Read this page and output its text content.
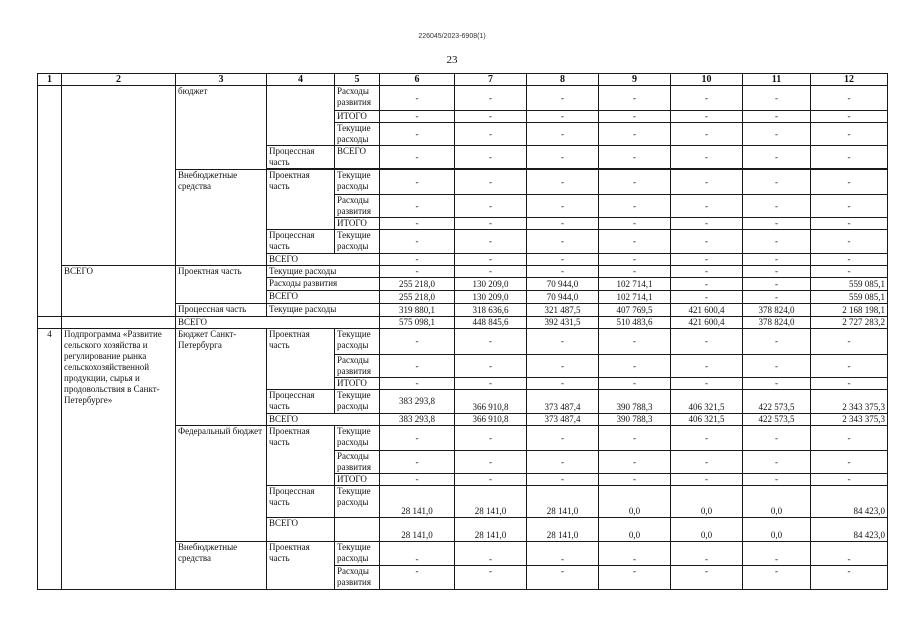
226045/2023-6908(1)
23
1	2	3	4	5	6	7	8	9	10	11	12
		бюджет		Расходы развития	-	-	-	-	-	-	-
				ИТОГО	-	-	-	-	-	-	-
				Текущие расходы	-	-	-	-	-	-	-
			Процессная часть	ВСЕГО	-	-	-	-	-	-	-

		Внебюджетные средства	Проектная часть	Текущие расходы	-	-	-	-	-	-	-
				Расходы развития	-	-	-	-	-	-	-
				ИТОГО	-	-	-	-	-	-	-
			Процессная часть	Текущие расходы	-	-	-	-	-	-	-
			ВСЕГО		-	-	-	-	-	-	-
	ВСЕГО	Проектная часть	Текущие расходы		-	-	-	-	-	-	-
			Расходы развития		255 218,0	130 209,0	70 944,0	102 714,1	-	-	559 085,1
			ВСЕГО		255 218,0	130 209,0	70 944,0	102 714,1	-	-	559 085,1
		Процессная часть	Текущие расходы		319 880,1	318 636,6	321 487,5	407 769,5	421 600,4	378 824,0	2 168 198,1
		ВСЕГО			575 098,1	448 845,6	392 431,5	510 483,6	421 600,4	378 824,0	2 727 283,2
4	Подпрограмма «Развитие сельского хозяйства и регулирование рынка сельскохозяйственной продукции, сырья и продовольствия в Санкт-Петербурге»	Бюджет Санкт-Петербурга	Проектная часть	Текущие расходы	-	-	-	-	-	-	-
				Расходы развития	-	-	-	-	-	-	-
				ИТОГО	-	-	-	-	-	-	-
			Процессная часть	Текущие расходы	383 293,8	366 910,8	373 487,4	390 788,3	406 321,5	422 573,5	2 343 375,3
			ВСЕГО		383 293,8	366 910,8	373 487,4	390 788,3	406 321,5	422 573,5	2 343 375,3
		Федеральный бюджет	Проектная часть	Текущие расходы	-	-	-	-	-	-	-
				Расходы развития	-	-	-	-	-	-	-
				ИТОГО	-	-	-	-	-	-	-
			Процессная часть	Текущие расходы	28 141,0	28 141,0	28 141,0	0,0	0,0	0,0	84 423,0
			ВСЕГО		28 141,0	28 141,0	28 141,0	0,0	0,0	0,0	84 423,0

		Внебюджетные средства	Проектная часть	Текущие расходы	-	-	-	-	-	-	-
				Расходы развития	-	-	-	-	-	-	-
